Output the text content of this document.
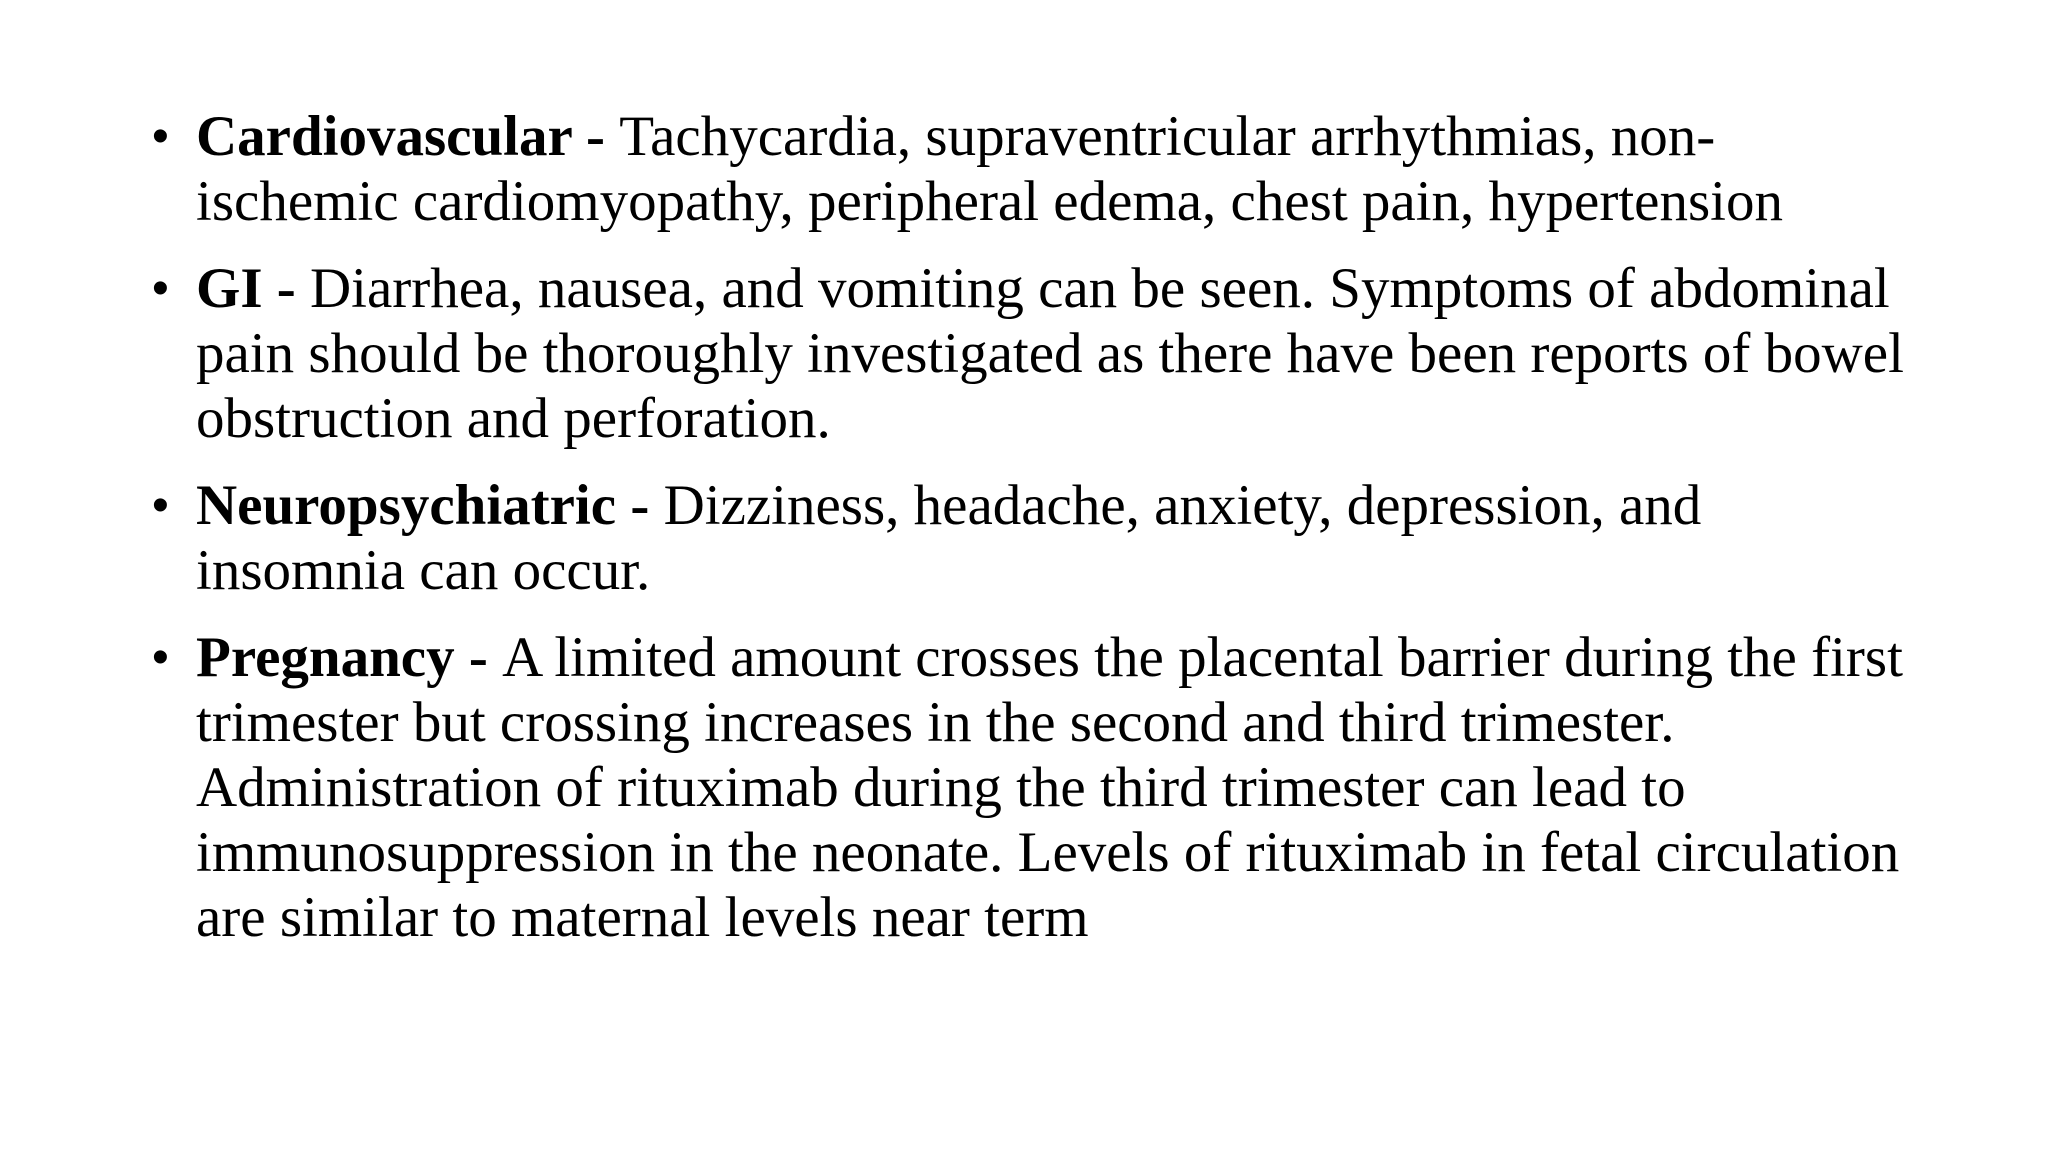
• Cardiovascular - Tachycardia, supraventricular arrhythmias, non-ischemic cardiomyopathy, peripheral edema, chest pain, hypertension
• GI - Diarrhea, nausea, and vomiting can be seen. Symptoms of abdominal pain should be thoroughly investigated as there have been reports of bowel obstruction and perforation.
• Neuropsychiatric - Dizziness, headache, anxiety, depression, and insomnia can occur.
• Pregnancy - A limited amount crosses the placental barrier during the first trimester but crossing increases in the second and third trimester. Administration of rituximab during the third trimester can lead to immunosuppression in the neonate. Levels of rituximab in fetal circulation are similar to maternal levels near term
